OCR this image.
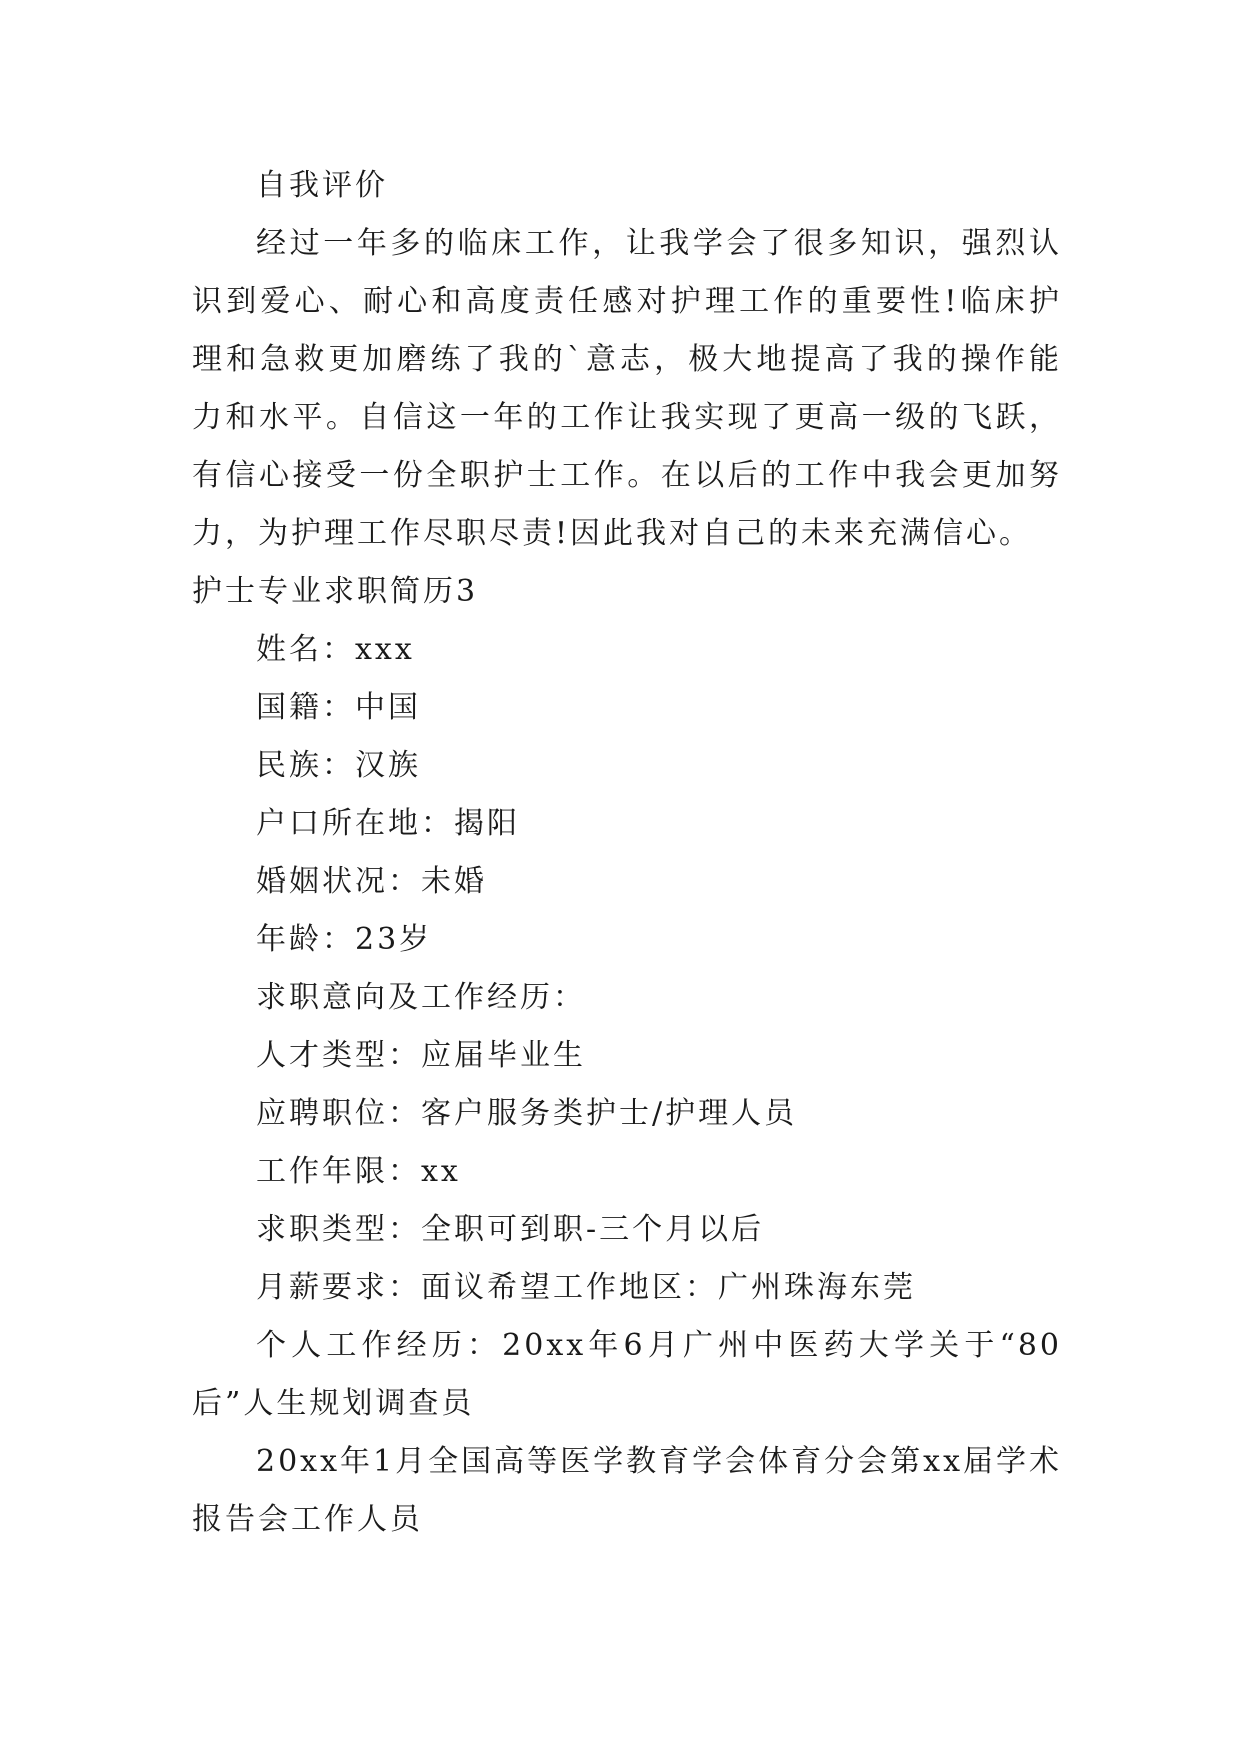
自我评价

经过一年多的临床工作，让我学会了很多知识，强烈认识到爱心、耐心和高度责任感对护理工作的重要性!临床护理和急救更加磨练了我的`意志，极大地提高了我的操作能力和水平。自信这一年的工作让我实现了更高一级的飞跃，有信心接受一份全职护士工作。在以后的工作中我会更加努力，为护理工作尽职尽责!因此我对自己的未来充满信心。

护士专业求职简历3

姓名：xxx

国籍：中国

民族：汉族

户口所在地：揭阳

婚姻状况：未婚

年龄：23岁

求职意向及工作经历：

人才类型：应届毕业生

应聘职位：客户服务类护士/护理人员

工作年限：xx

求职类型：全职可到职-三个月以后

月薪要求：面议希望工作地区：广州珠海东莞

个人工作经历：20xx年6月广州中医药大学关于“80后”人生规划调查员

20xx年1月全国高等医学教育学会体育分会第xx届学术报告会工作人员
